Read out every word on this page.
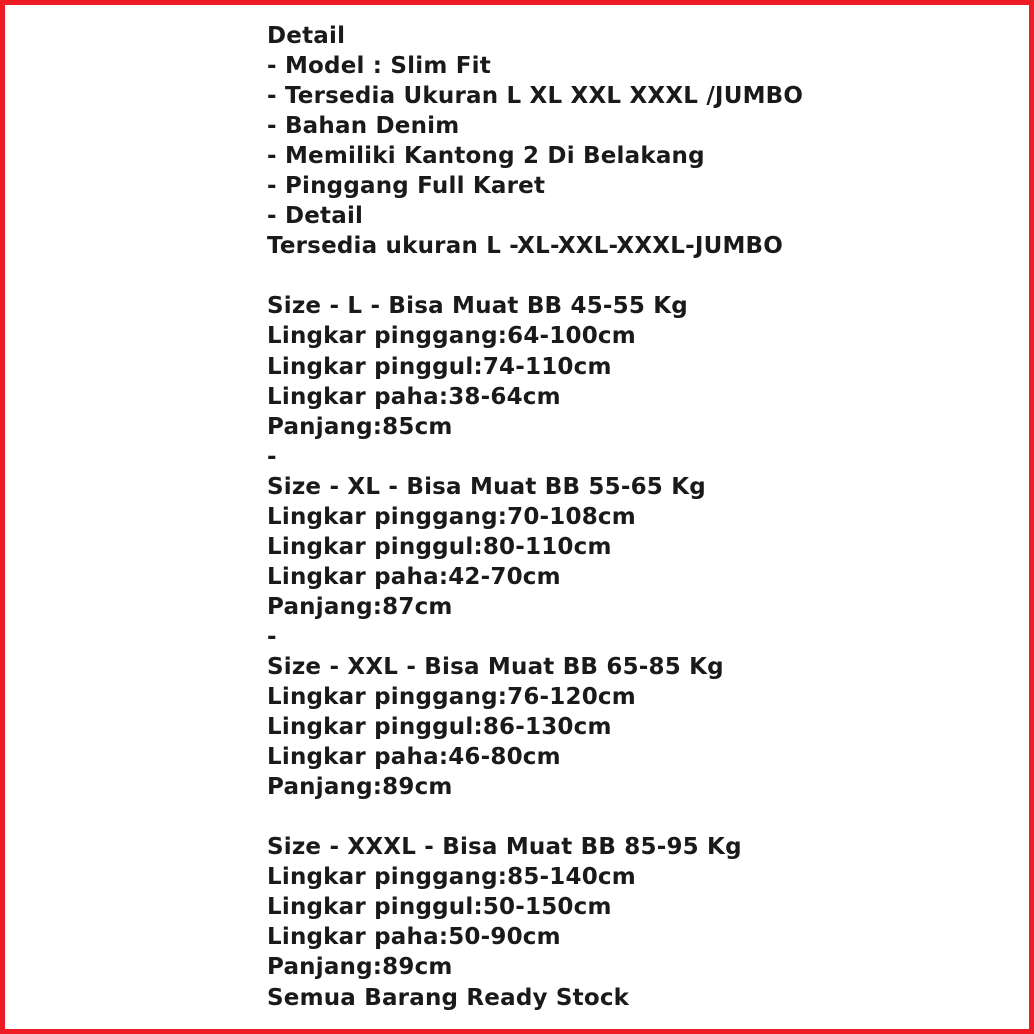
Detail
- Model : Slim Fit
- Tersedia Ukuran L XL XXL XXXL /JUMBO
- Bahan Denim
- Memiliki Kantong 2 Di Belakang
- Pinggang Full Karet
- Detail
Tersedia ukuran L -XL-XXL-XXXL-JUMBO
Size - L - Bisa Muat BB 45-55 Kg
Lingkar pinggang:64-100cm
Lingkar pinggul:74-110cm
Lingkar paha:38-64cm
Panjang:85cm
-
Size - XL - Bisa Muat BB 55-65 Kg
Lingkar pinggang:70-108cm
Lingkar pinggul:80-110cm
Lingkar paha:42-70cm
Panjang:87cm
-
Size - XXL - Bisa Muat BB 65-85 Kg
Lingkar pinggang:76-120cm
Lingkar pinggul:86-130cm
Lingkar paha:46-80cm
Panjang:89cm
Size - XXXL - Bisa Muat BB 85-95 Kg
Lingkar pinggang:85-140cm
Lingkar pinggul:50-150cm
Lingkar paha:50-90cm
Panjang:89cm
Semua Barang Ready Stock
